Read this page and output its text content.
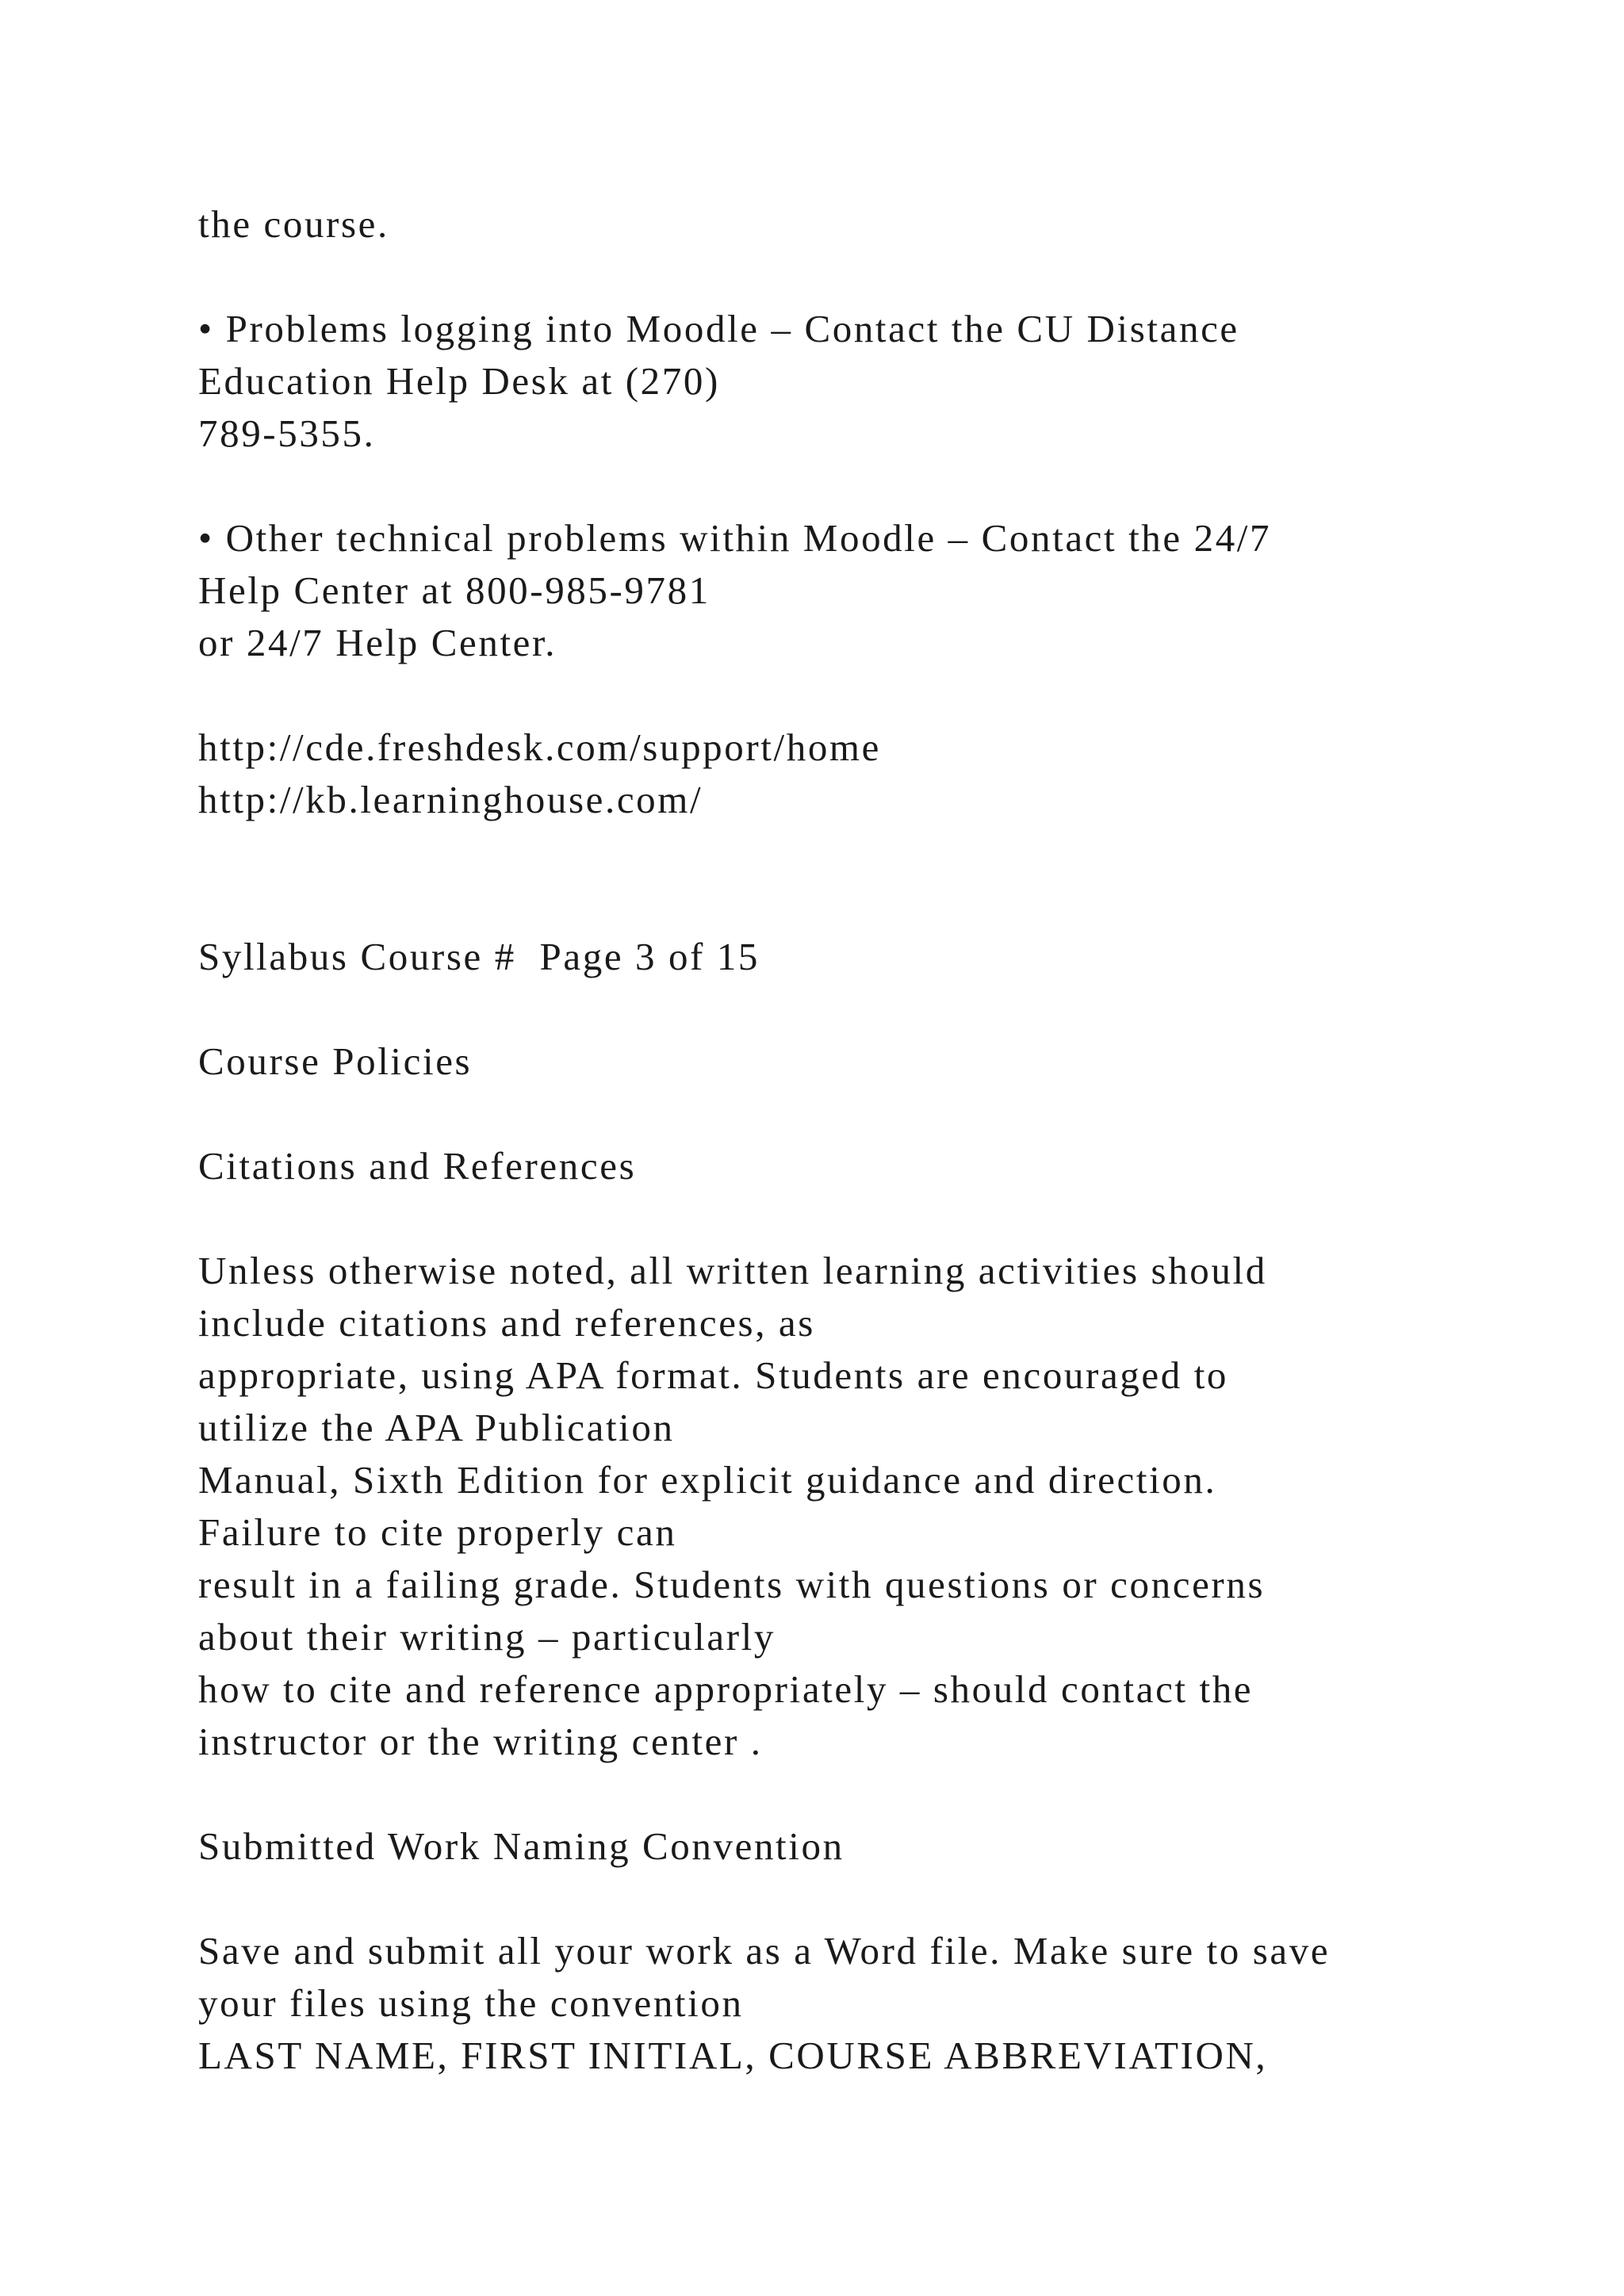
the course.
• Problems logging into Moodle – Contact the CU Distance
Education Help Desk at (270)
789-5355.
• Other technical problems within Moodle – Contact the 24/7
Help Center at 800-985-9781
or 24/7 Help Center.
http://cde.freshdesk.com/support/home
http://kb.learninghouse.com/
Syllabus Course #  Page 3 of 15
Course Policies
Citations and References
Unless otherwise noted, all written learning activities should
include citations and references, as
appropriate, using APA format. Students are encouraged to
utilize the APA Publication
Manual, Sixth Edition for explicit guidance and direction.
Failure to cite properly can
result in a failing grade. Students with questions or concerns
about their writing – particularly
how to cite and reference appropriately – should contact the
instructor or the writing center .
Submitted Work Naming Convention
Save and submit all your work as a Word file. Make sure to save
your files using the convention
LAST NAME, FIRST INITIAL, COURSE ABBREVIATION,
